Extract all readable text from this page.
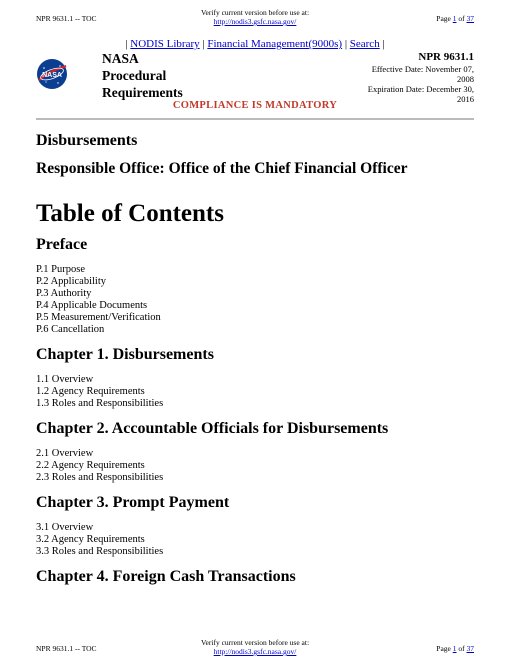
NPR 9631.1 -- TOC
Verify current version before use at:
http://nodis3.gsfc.nasa.gov/	Page 1 of 37
| NODIS Library | Financial Management(9000s) | Search |
NASA
NASA
Procedural
Requirements
NPR 9631.1
Effective Date: November 07, 2008
Expiration Date: December 30, 2016
COMPLIANCE IS MANDATORY
Disbursements
Responsible Office: Office of the Chief Financial Officer
Table of Contents
Preface
P.1 Purpose
P.2 Applicability
P.3 Authority
P.4 Applicable Documents
P.5 Measurement/Verification
P.6 Cancellation
Chapter 1. Disbursements
1.1 Overview
1.2 Agency Requirements
1.3 Roles and Responsibilities
Chapter 2. Accountable Officials for Disbursements
2.1 Overview
2.2 Agency Requirements
2.3 Roles and Responsibilities
Chapter 3. Prompt Payment
3.1 Overview
3.2 Agency Requirements
3.3 Roles and Responsibilities
Chapter 4. Foreign Cash Transactions
NPR 9631.1 -- TOC
Verify current version before use at:
http://nodis3.gsfc.nasa.gov/	Page 1 of 37
